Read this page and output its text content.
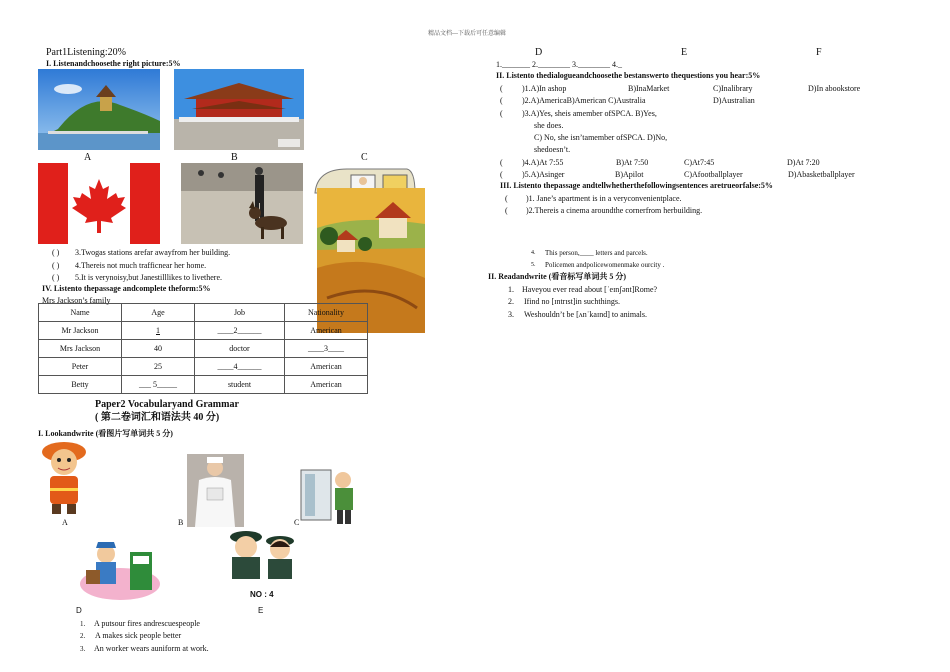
精品文档---下载后可任意编辑
Part1Listening:20%
I. Listenandchoosethe right picture:5%
A	B	C
( ) 3.Twogas stations arefar awayfrom her building.
( ) 4.Thereis not much trafficnear her home.
( ) 5.It is verynoisy,but Janestilllikes to livethere.
IV. Listento thepassage andcomplete theform:5%
Mrs Jackson’s family
Name	Age	Job	Nationality
Mr Jackson	1	____2______	American
Mrs Jackson	40	doctor	____3____
Peter	25	____4______	American
Betty	___ 5_____	student	American
Paper2 Vocabularyand Grammar
( 第二卷词汇和语法共 40 分)
I. Lookandwrite (看图片写单词共 5 分)
A	B	C
NO : 4
D	E
1. A putsour fires andrescuespeople
2. A makes sick people better
3. An worker wears auniform at work.
D	E	F
1._______ 2.________ 3.________ 4._
II. Listento thedialogueandchoosethe bestanswerto thequestions you hear:5%
( )1.A)In ashop	B)InaMarket	C)Inalibrary	D)In abookstore
( )2.A)AmericaB)American C)Australia	D)Australian
( )3.A)Yes, sheis amember ofSPCA. B)Yes,
she does.
C) No, she isn’tamember ofSPCA. D)No,
shedoesn’t.
( )4.A)At 7:55	B)At 7:50	C)At7:45	D)At 7:20
( )5.A)Asinger	B)Apilot	C)Afootballplayer	D)Abasketballplayer
III. Listento thepassage andtellwhetherthefollowingsentences aretrueorfalse:5%
( )1. Jane’s apartment is in a veryconvenientplace.
( )2.Thereis a cinema aroundthe cornerfrom herbuilding.
4. This person,____ letters and parcels.
5. Policemen andpolicewomenmake ourcity .
II. Readandwrite (看音标写单词共 5 分)
1. Haveyou ever read about [ˈeɪnʃənt]Rome?
2. Ifind no [ɪntrɪst]in suchthings.
3. Weshouldn’t be [ʌnˈkaɪnd] to animals.
